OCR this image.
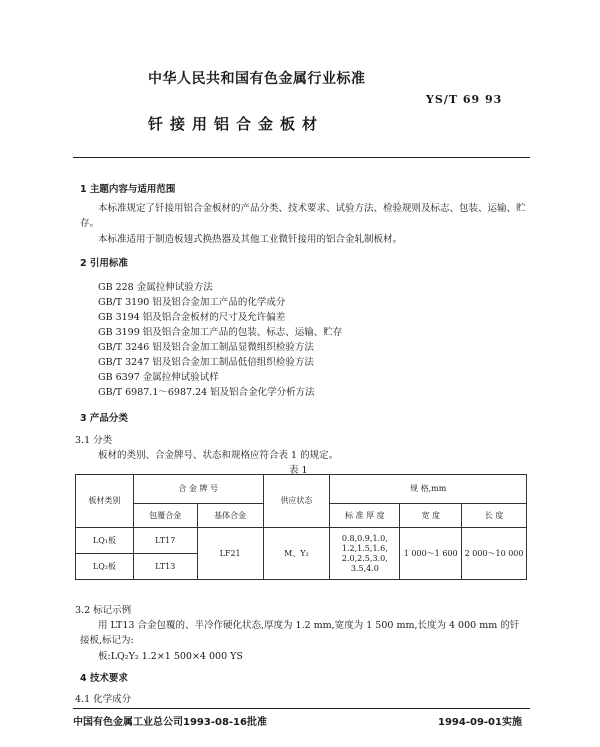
中华人民共和国有色金属行业标准
YS/T 69 93
钎接用铝合金板材
1 主题内容与适用范围
本标准规定了钎接用铝合金板材的产品分类、技术要求、试验方法、检验规则及标志、包装、运输、贮
存。
本标准适用于制造板翅式换热器及其他工业微钎接用的铝合金轧制板材。
2 引用标准
GB 228 金属拉伸试验方法
GB/T 3190 铝及铝合金加工产品的化学成分
GB 3194 铝及铝合金板材的尺寸及允许偏差
GB 3199 铝及铝合金加工产品的包装、标志、运输、贮存
GB/T 3246 铝及铝合金加工制品显微组织检验方法
GB/T 3247 铝及铝合金加工制品低倍组织检验方法
GB 6397 金属拉伸试验试样
GB/T 6987.1～6987.24 铝及铝合金化学分析方法
3 产品分类
3.1 分类
板材的类别、合金牌号、状态和规格应符合表 1 的规定。
表 1
板材类别	合 金 牌 号		供应状态	规 格,mm		
	包覆合金	基体合金		标 准 厚 度	宽 度	长 度
LQ₁板	LT17	LF21	M、Y₂	0.8,0.9,1.0,
1.2,1.5,1.6,
2.0,2.5,3.0,
3.5,4.0	1 000～1 600	2 000～10 000
LQ₂板	LT13					
3.2 标记示例
用 LT13 合金包覆的、半冷作硬化状态,厚度为 1.2 mm,宽度为 1 500 mm,长度为 4 000 mm 的钎
接板,标记为:
板:LQ₂Y₂ 1.2×1 500×4 000 YS
4 技术要求
4.1 化学成分
中国有色金属工业总公司1993-08-16批准	1994-09-01实施
